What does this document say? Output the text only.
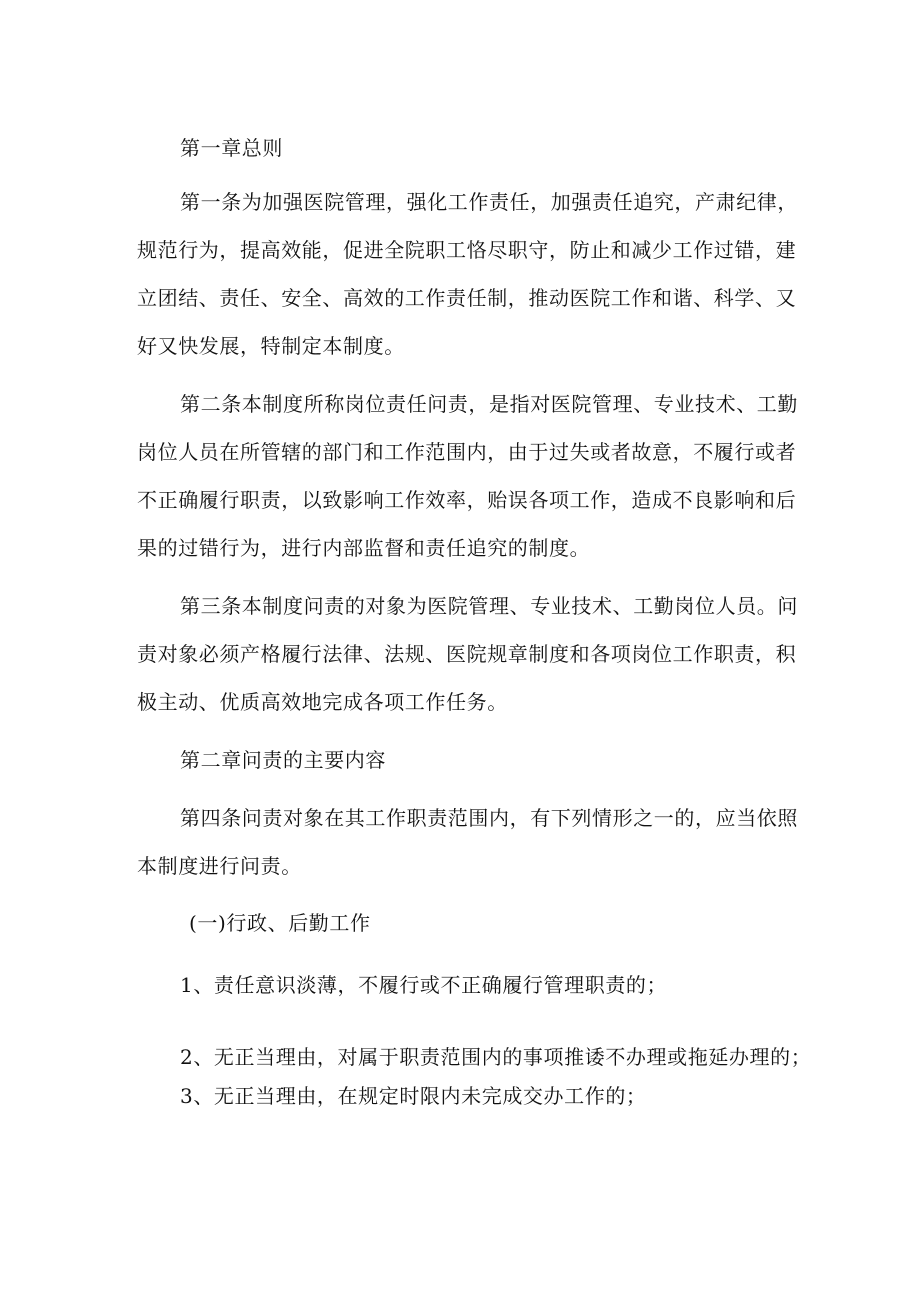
第一章总则
第一条为加强医院管理，强化工作责任，加强责任追究，产肃纪律，
规范行为，提高效能，促进全院职工恪尽职守，防止和减少工作过错，建
立团结、责任、安全、高效的工作责任制，推动医院工作和谐、科学、又
好又快发展，特制定本制度。
第二条本制度所称岗位责任问责，是指对医院管理、专业技术、工勤
岗位人员在所管辖的部门和工作范围内，由于过失或者故意，不履行或者
不正确履行职责，以致影响工作效率，贻误各项工作，造成不良影响和后
果的过错行为，进行内部监督和责任追究的制度。
第三条本制度问责的对象为医院管理、专业技术、工勤岗位人员。问
责对象必须产格履行法律、法规、医院规章制度和各项岗位工作职责，积
极主动、优质高效地完成各项工作任务。
第二章问责的主要内容
第四条问责对象在其工作职责范围内，有下列情形之一的，应当依照
本制度进行问责。
(一)行政、后勤工作
1、责任意识淡薄，不履行或不正确履行管理职责的；
2、无正当理由，对属于职责范围内的事项推诿不办理或拖延办理的；
3、无正当理由，在规定时限内未完成交办工作的；
